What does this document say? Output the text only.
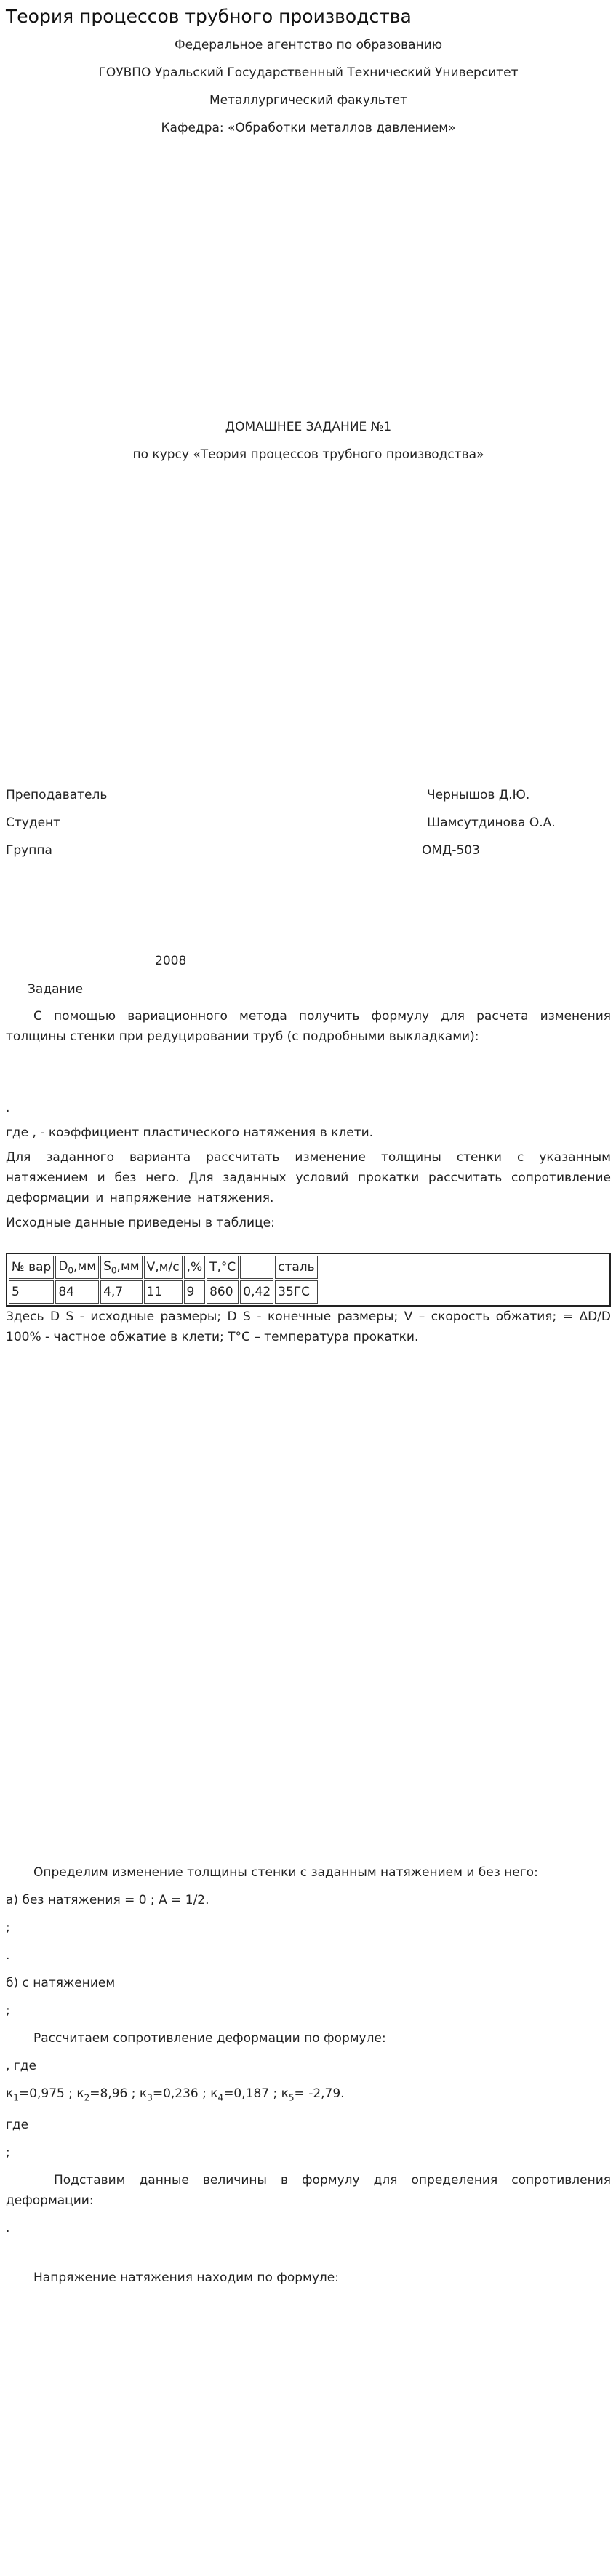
Теория процессов трубного производства

Федеральное агентство по образованию

ГОУВПО Уральский Государственный Технический Университет

Металлургический факультет

Кафедра: «Обработки металлов давлением»

ДОМАШНЕЕ ЗАДАНИЕ №1

по курсу «Теория процессов трубного производства»

Преподаватель	Чернышов Д.Ю.
Студент	Шамсутдинова О.А.
Группа	ОМД-503
2008
Задание

С помощью вариационного метода получить формулу для расчета изменения толщины стенки при редуцировании труб (с подробными выкладками):

.

где , - коэффициент пластического натяжения в клети.

Для заданного варианта рассчитать изменение толщины стенки с указанным натяжением и без него. Для заданных условий прокатки рассчитать сопротивление деформации и напряжение натяжения.

Исходные данные приведены в таблице:

№ вар	$D_0,мм$	$S_0,мм$	V,м/с	,%	T,°C		сталь	
5	84	4,7	11	9	860	0,42	35ГС	

Здесь D S - исходные размеры; D S - конечные размеры; V – скорость обжатия; = ΔD/D 100% - частное обжатие в клети; T°C – температура прокатки.

Определим изменение толщины стенки с заданным натяжением и без него:

а) без натяжения = 0 ; А = 1/2.

;

.

б) с натяжением

;

Рассчитаем сопротивление деформации по формуле:

, где

$к_1=0,975$ ; $к_2=8,96$ ; $к_3=0,236$ ; $к_4=0,187$ ; $к_5= -2,79$.

где

;

Подставим данные величины в формулу для определения сопротивления деформации:

.

Напряжение натяжения находим по формуле:
